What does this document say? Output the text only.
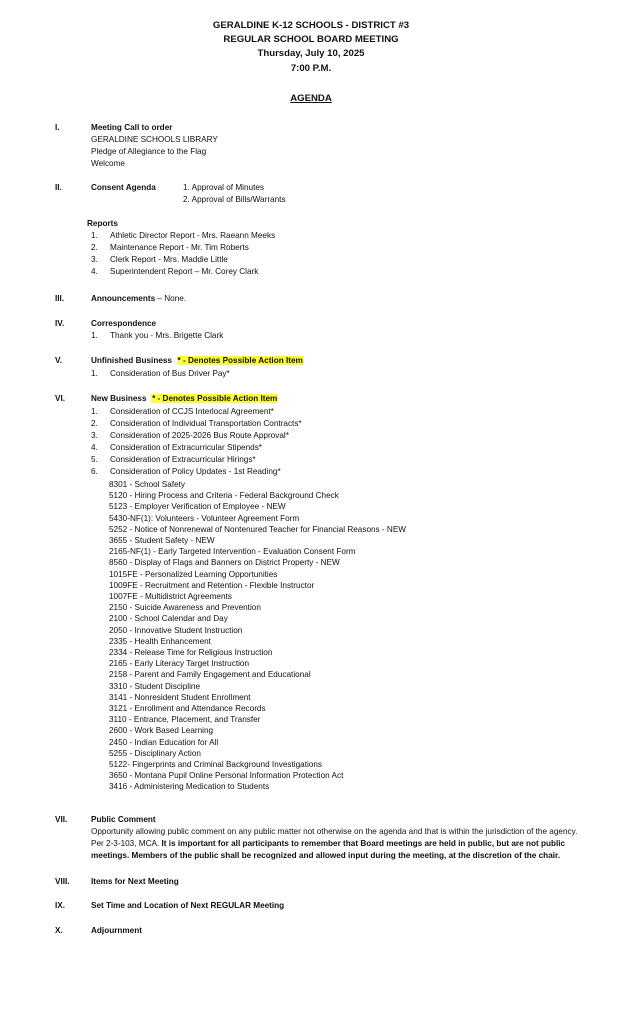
GERALDINE K-12 SCHOOLS - DISTRICT #3
REGULAR SCHOOL BOARD MEETING
Thursday, July 10, 2025
7:00 P.M.
AGENDA
I.	Meeting Call to order
GERALDINE SCHOOLS LIBRARY
Pledge of Allegiance to the Flag
Welcome
II.	Consent Agenda	1. Approval of Minutes
2. Approval of Bills/Warrants
Reports
1. Athletic Director Report - Mrs. Raeann Meeks
2. Maintenance Report - Mr. Tim Roberts
3. Clerk Report - Mrs. Maddie Little
4. Superintendent Report – Mr. Corey Clark
III.	Announcements – None.
IV.	Correspondence
1. Thank you - Mrs. Brigette Clark
V.	Unfinished Business * - Denotes Possible Action Item
1. Consideration of Bus Driver Pay*
VI.	New Business * - Denotes Possible Action Item
1. Consideration of CCJS Interlocal Agreement*
2. Consideration of Individual Transportation Contracts*
3. Consideration of 2025-2026 Bus Route Approval*
4. Consideration of Extracurricular Stipends*
5. Consideration of Extracurricular Hirings*
6. Consideration of Policy Updates - 1st Reading*
8301 - School Safety
5120 - Hiring Process and Criteria - Federal Background Check
5123 - Employer Verification of Employee - NEW
5430-NF(1): Volunteers - Volunteer Agreement Form
5252 - Notice of Nonrenewal of Nontenured Teacher for Financial Reasons - NEW
3655 - Student Safety - NEW
2165-NF(1) - Early Targeted Intervention - Evaluation Consent Form
8560 - Display of Flags and Banners on District Property - NEW
1015FE - Personalized Learning Opportunities
1009FE - Recruitment and Retention - Flexible Instructor
1007FE - Multidistrict Agreements
2150 - Suicide Awareness and Prevention
2100 - School Calendar and Day
2050 - Innovative Student Instruction
2335 - Health Enhancement
2334 - Release Time for Religious Instruction
2165 - Early Literacy Target Instruction
2158 - Parent and Family Engagement and Educational
3310 - Student Discipline
3141 - Nonresident Student Enrollment
3121 - Enrollment and Attendance Records
3110 - Entrance, Placement, and Transfer
2600 - Work Based Learning
2450 - Indian Education for All
5255 - Disciplinary Action
5122- Fingerprints and Criminal Background Investigations
3650 - Montana Pupil Online Personal Information Protection Act
3416 - Administering Medication to Students
VII.	Public Comment
Opportunity allowing public comment on any public matter not otherwise on the agenda and that is within the jurisdiction of the agency. Per 2-3-103, MCA. It is important for all participants to remember that Board meetings are held in public, but are not public meetings. Members of the public shall be recognized and allowed input during the meeting, at the discretion of the chair.
VIII.	Items for Next Meeting
IX.	Set Time and Location of Next REGULAR Meeting
X.	Adjournment
